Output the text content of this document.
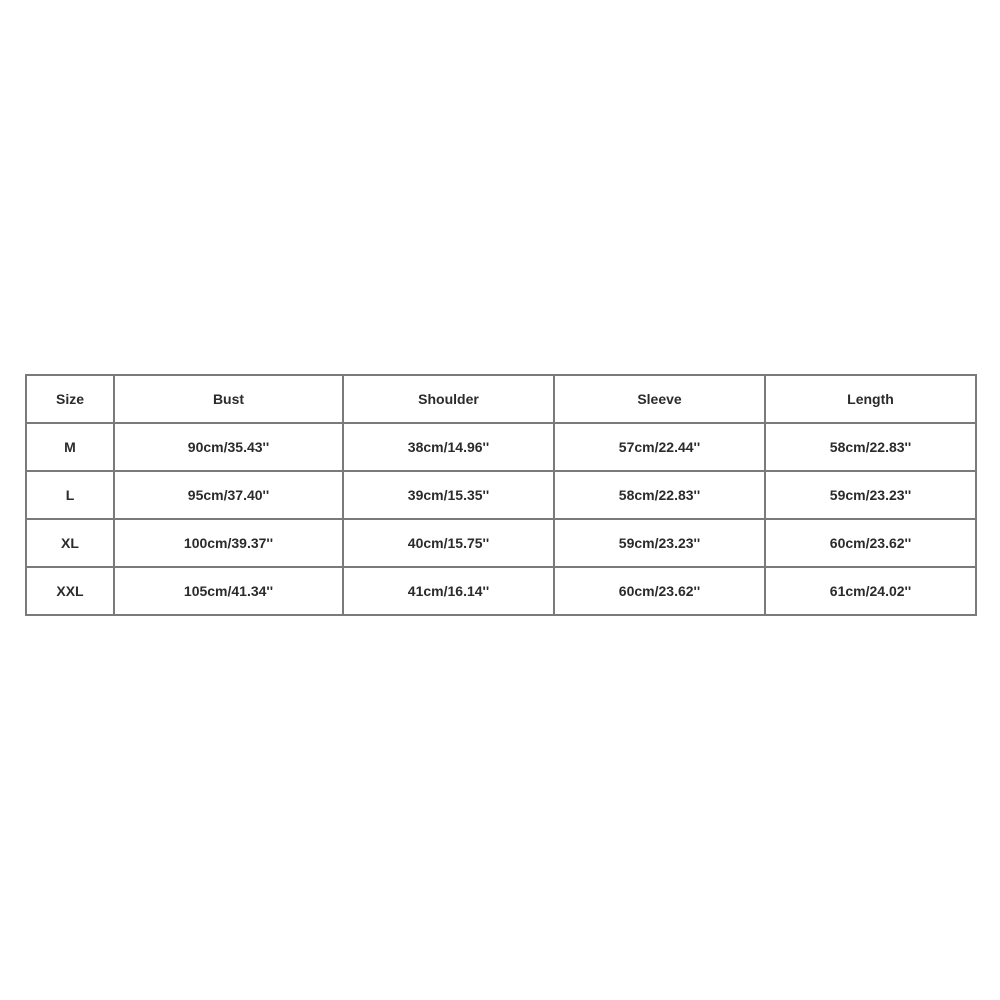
Size	Bust	Shoulder	Sleeve	Length
M	90cm/35.43''	38cm/14.96''	57cm/22.44''	58cm/22.83''
L	95cm/37.40''	39cm/15.35''	58cm/22.83''	59cm/23.23''
XL	100cm/39.37''	40cm/15.75''	59cm/23.23''	60cm/23.62''
XXL	105cm/41.34''	41cm/16.14''	60cm/23.62''	61cm/24.02''
